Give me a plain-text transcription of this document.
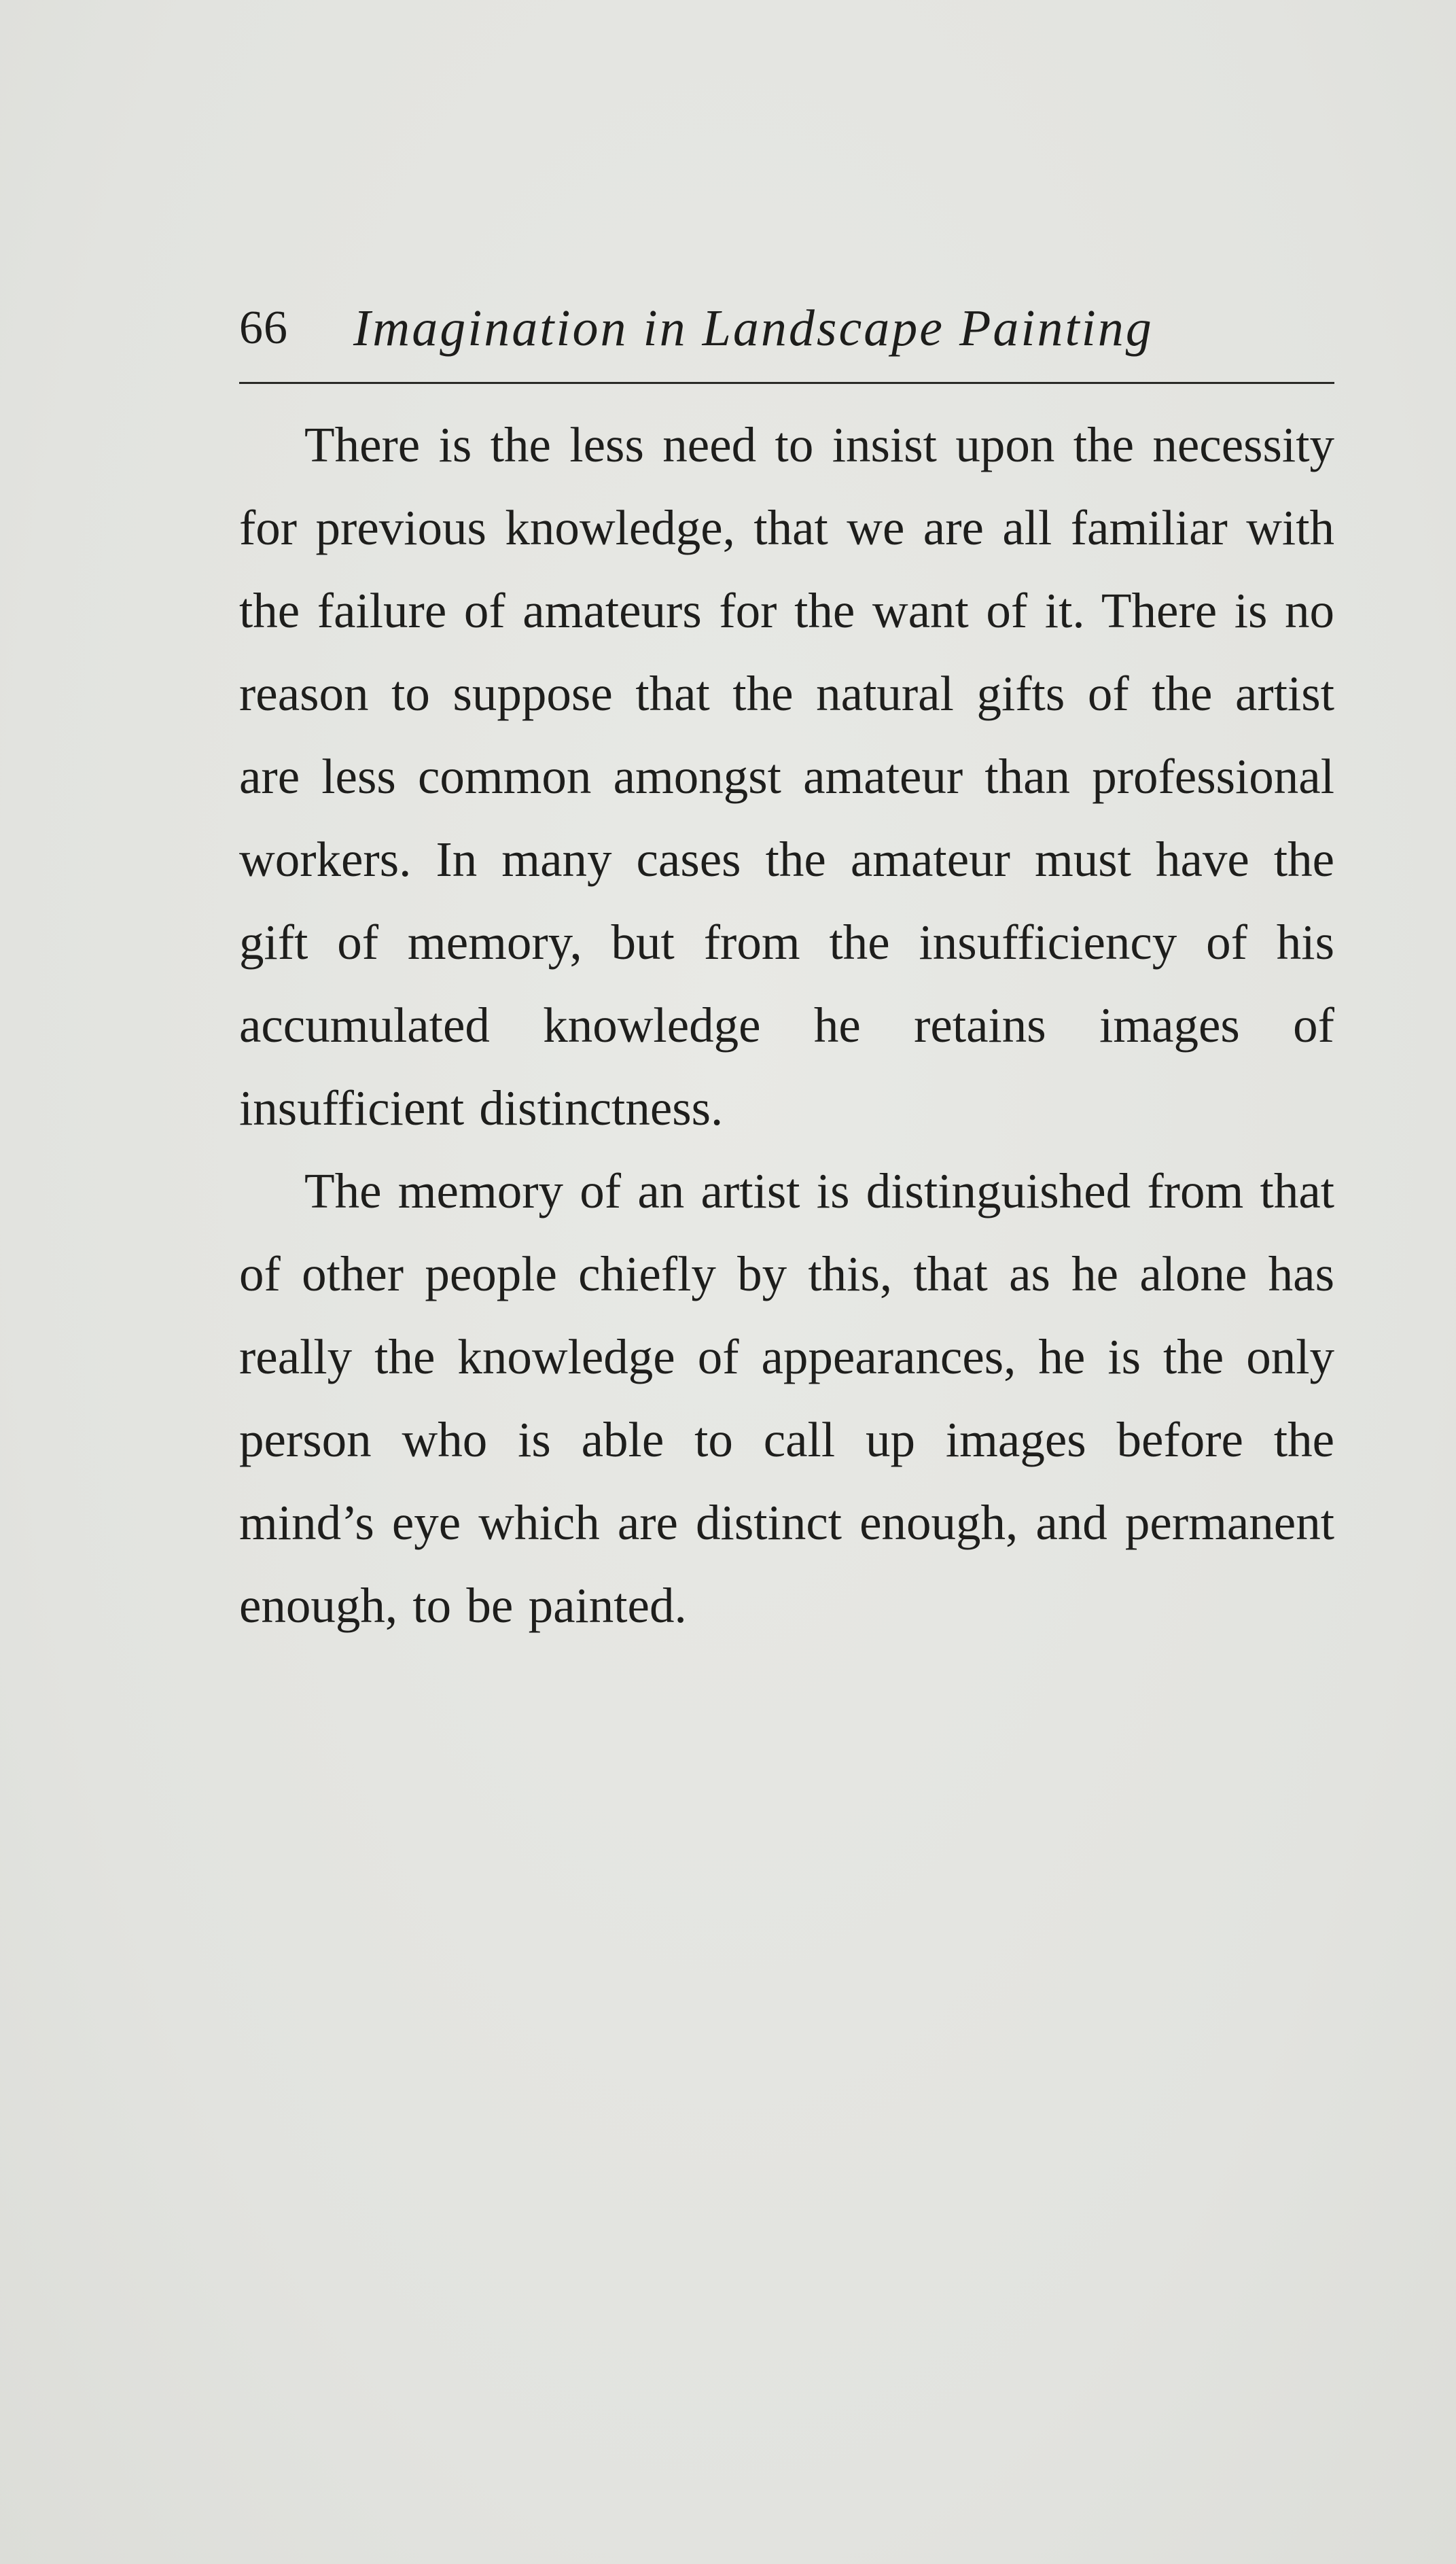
66 Imagination in Landscape Painting

There is the less need to insist upon the necessity for previous knowledge, that we are all familiar with the failure of amateurs for the want of it. There is no reason to suppose that the natural gifts of the artist are less common amongst amateur than professional workers. In many cases the amateur must have the gift of memory, but from the insufficiency of his accumulated knowledge he retains images of insufficient distinctness.

The memory of an artist is distinguished from that of other people chiefly by this, that as he alone has really the knowledge of appearances, he is the only person who is able to call up images before the mind’s eye which are distinct enough, and permanent enough, to be painted.
